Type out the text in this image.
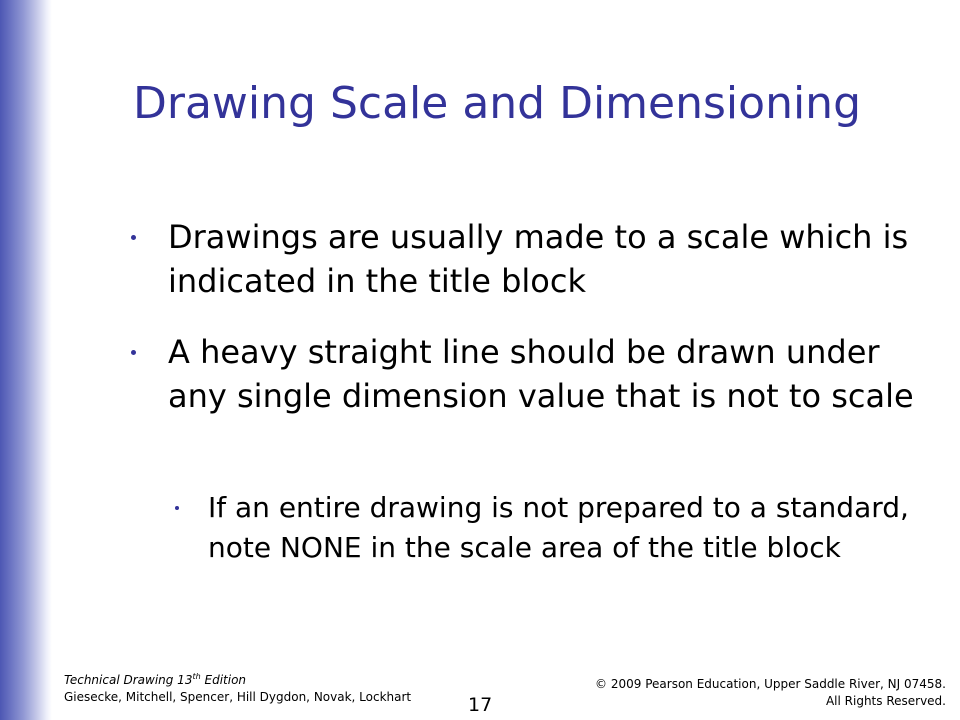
Drawing Scale and Dimensioning
Drawings are usually made to a scale which is indicated in the title block
A heavy straight line should be drawn under any single dimension value that is not to scale
If an entire drawing is not prepared to a standard, note NONE in the scale area of the title block
Technical Drawing 13th Edition
Giesecke, Mitchell, Spencer, Hill Dygdon, Novak, Lockhart	17
© 2009 Pearson Education, Upper Saddle River, NJ 07458.
All Rights Reserved.
